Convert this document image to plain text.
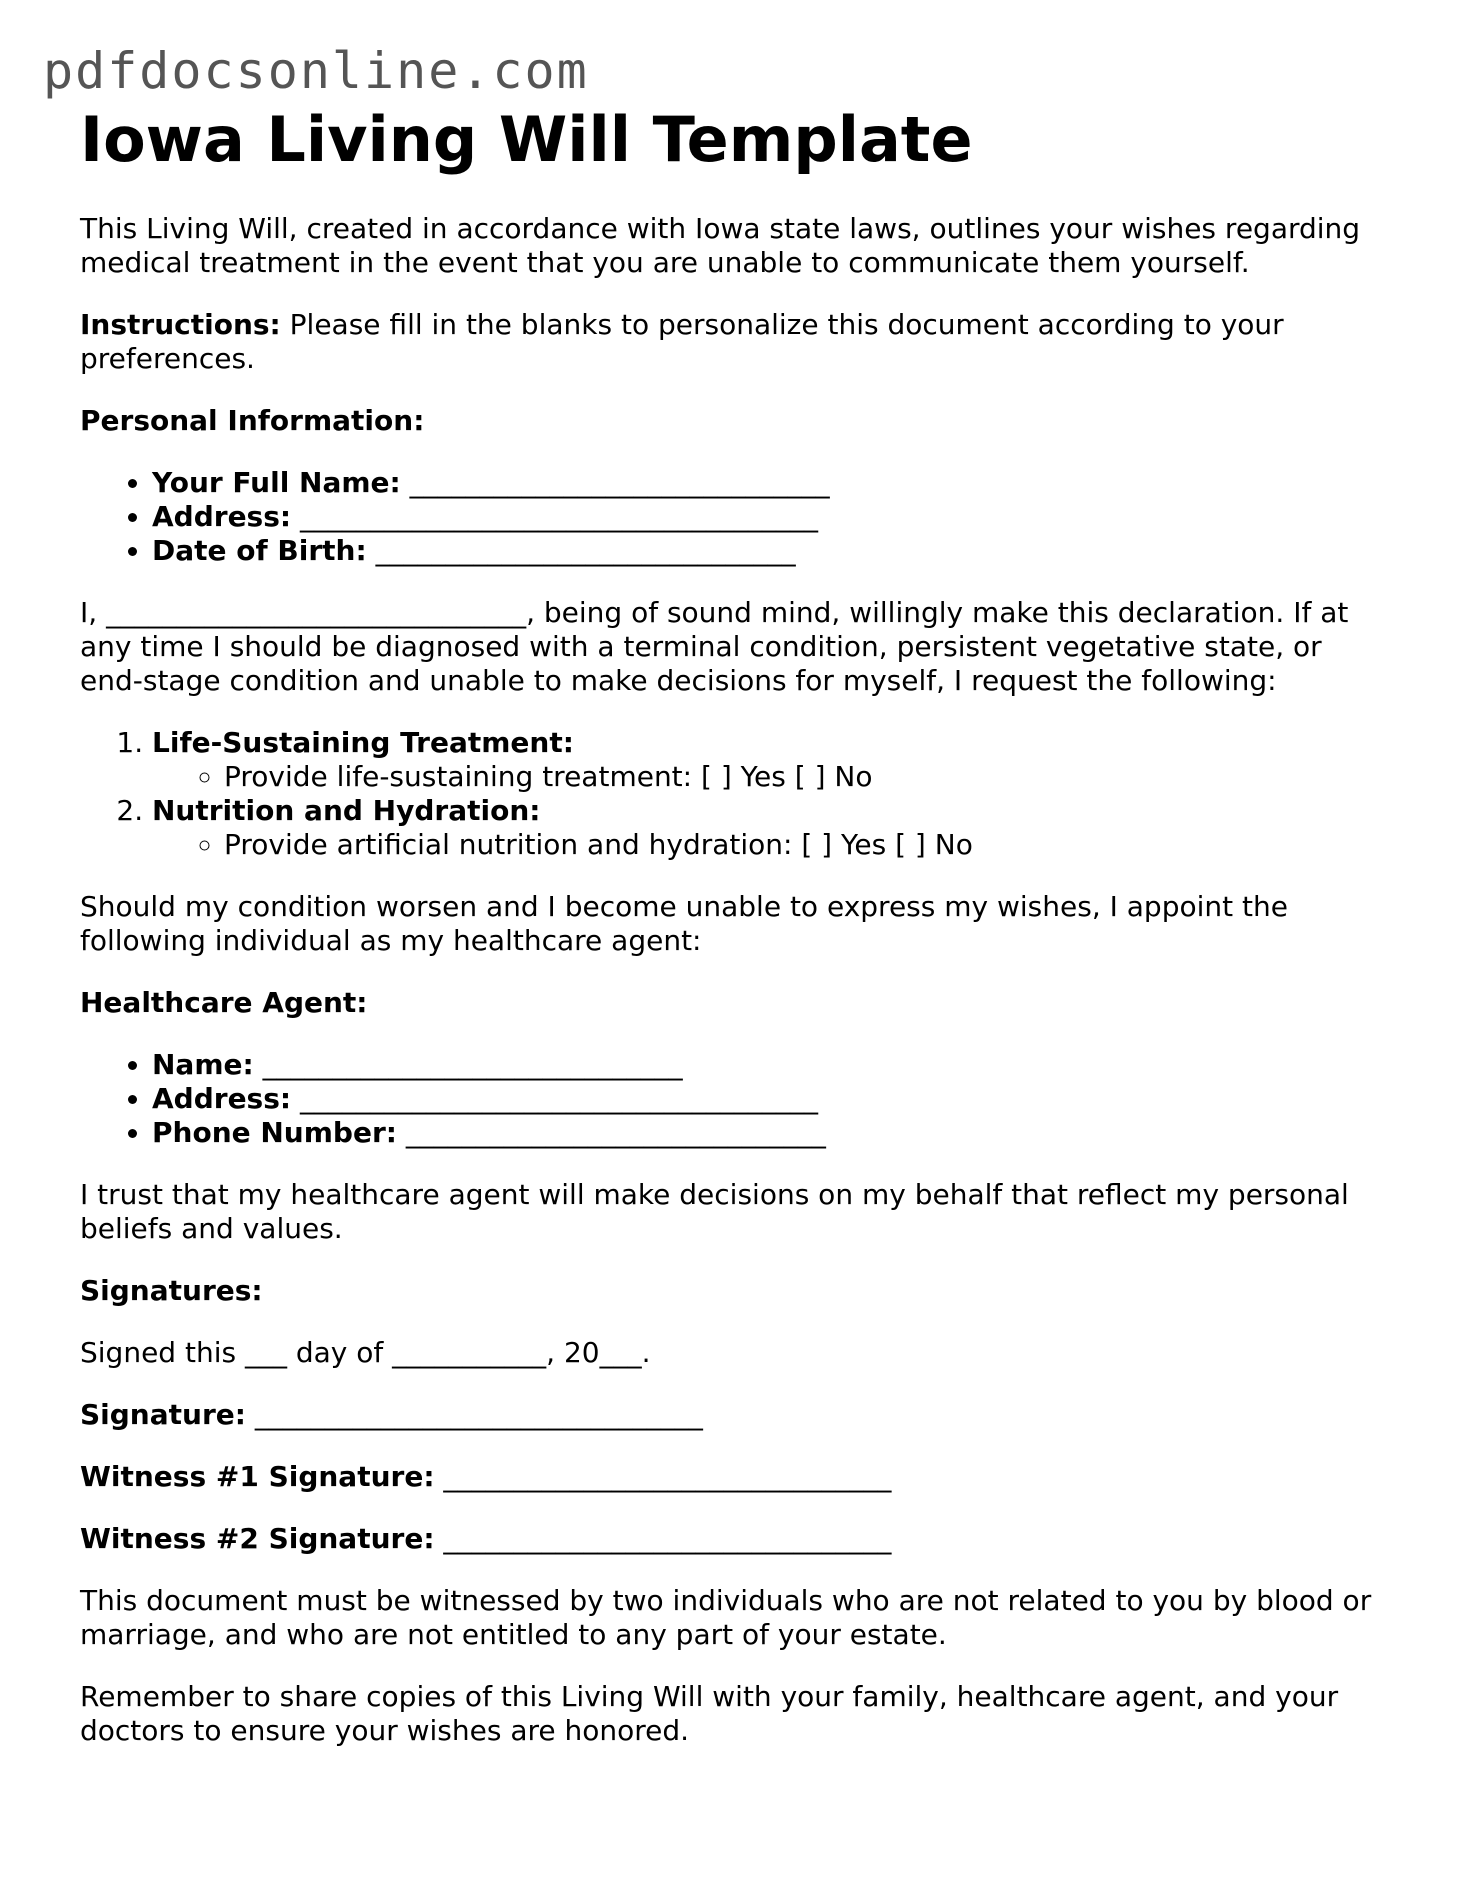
pdfdocsonline.com
Iowa Living Will Template

This Living Will, created in accordance with Iowa state laws, outlines your wishes regarding medical treatment in the event that you are unable to communicate them yourself.

Instructions: Please fill in the blanks to personalize this document according to your preferences.

Personal Information:

• Your Full Name: ______________________________
• Address: _____________________________________
• Date of Birth: ______________________________

I, ______________________________, being of sound mind, willingly make this declaration. If at any time I should be diagnosed with a terminal condition, persistent vegetative state, or end-stage condition and unable to make decisions for myself, I request the following:

1. Life-Sustaining Treatment:
◦ Provide life-sustaining treatment: [ ] Yes [ ] No
2. Nutrition and Hydration:
◦ Provide artificial nutrition and hydration: [ ] Yes [ ] No

Should my condition worsen and I become unable to express my wishes, I appoint the following individual as my healthcare agent:

Healthcare Agent:

• Name: ______________________________
• Address: _____________________________________
• Phone Number: ______________________________

I trust that my healthcare agent will make decisions on my behalf that reflect my personal beliefs and values.

Signatures:

Signed this ___ day of ___________, 20___.

Signature: ________________________________

Witness #1 Signature: ________________________________

Witness #2 Signature: ________________________________

This document must be witnessed by two individuals who are not related to you by blood or marriage, and who are not entitled to any part of your estate.

Remember to share copies of this Living Will with your family, healthcare agent, and your doctors to ensure your wishes are honored.
